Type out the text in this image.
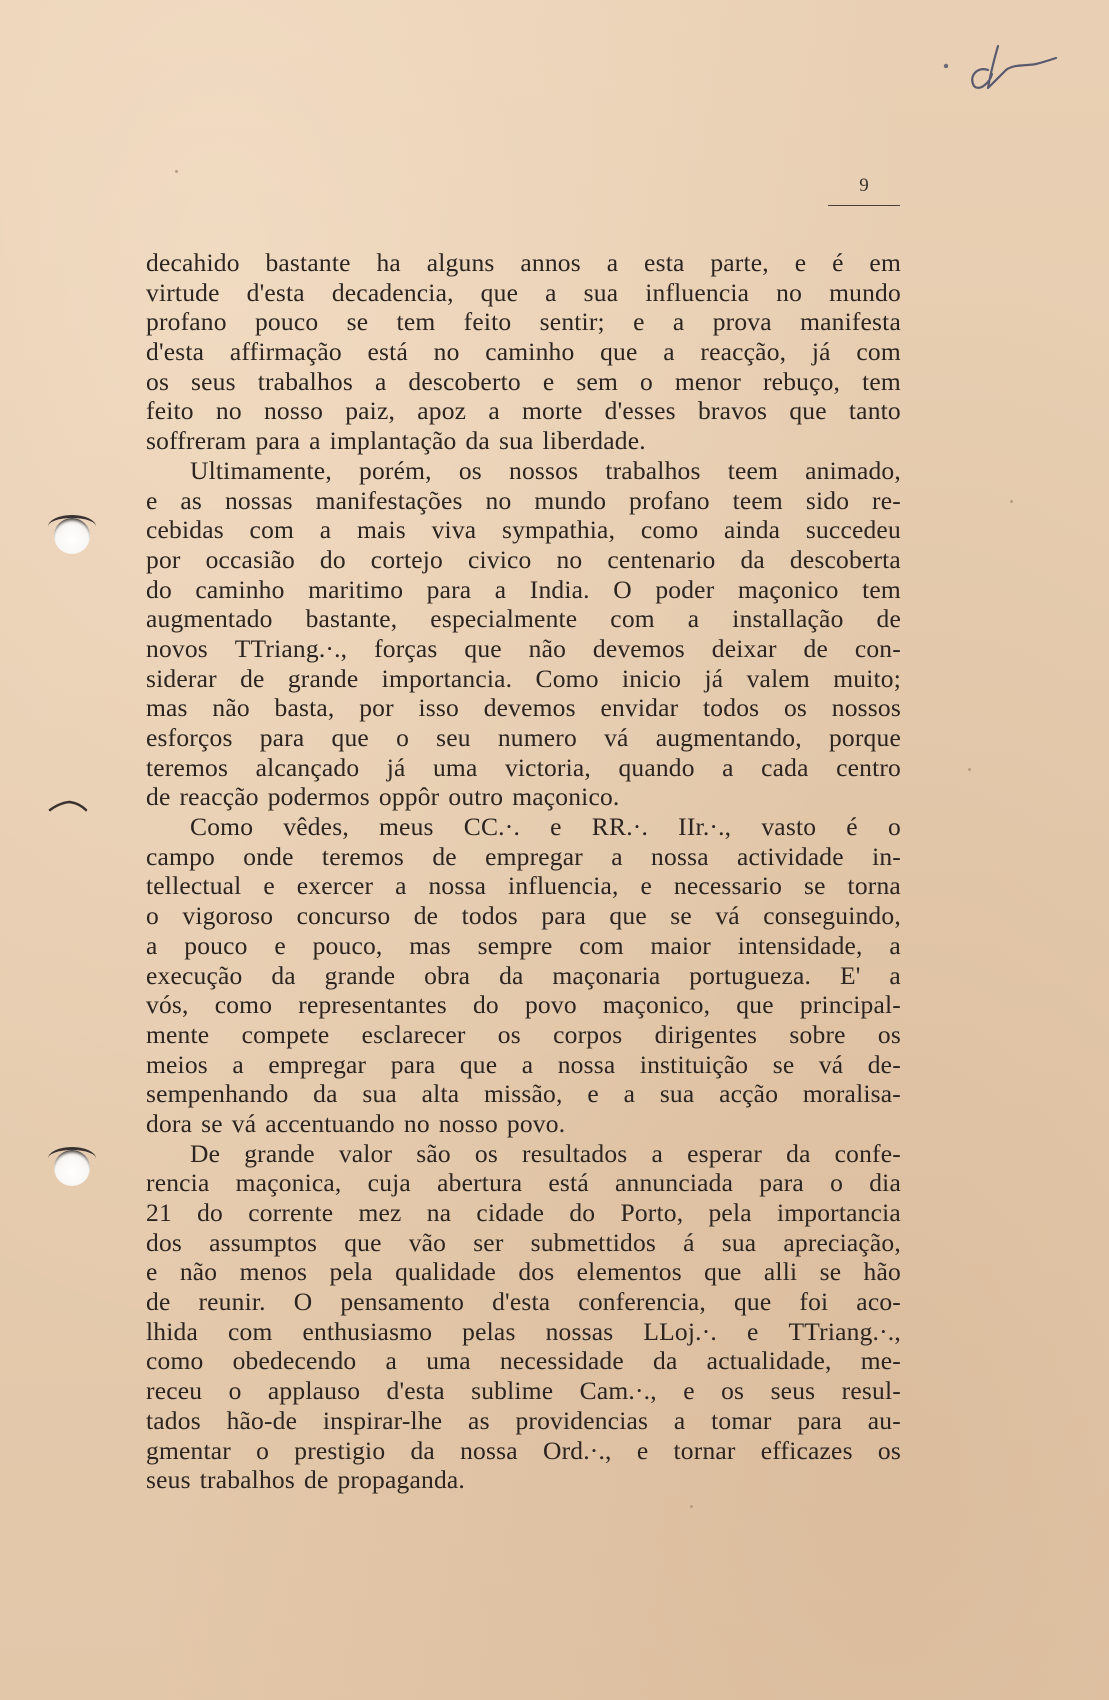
9
decahido bastante ha alguns annos a esta parte, e é em
virtude d'esta decadencia, que a sua influencia no mundo
profano pouco se tem feito sentir; e a prova manifesta
d'esta affirmação está no caminho que a reacção, já com
os seus trabalhos a descoberto e sem o menor rebuço, tem
feito no nosso paiz, apoz a morte d'esses bravos que tanto
soffreram para a implantação da sua liberdade.
Ultimamente, porém, os nossos trabalhos teem animado,
e as nossas manifestações no mundo profano teem sido re-
cebidas com a mais viva sympathia, como ainda succedeu
por occasião do cortejo civico no centenario da descoberta
do caminho maritimo para a India. O poder maçonico tem
augmentado bastante, especialmente com a installação de
novos TTriang.·., forças que não devemos deixar de con-
siderar de grande importancia. Como inicio já valem muito;
mas não basta, por isso devemos envidar todos os nossos
esforços para que o seu numero vá augmentando, porque
teremos alcançado já uma victoria, quando a cada centro
de reacção podermos oppôr outro maçonico.
Como vêdes, meus CC.·. e RR.·. IIr.·., vasto é o
campo onde teremos de empregar a nossa actividade in-
tellectual e exercer a nossa influencia, e necessario se torna
o vigoroso concurso de todos para que se vá conseguindo,
a pouco e pouco, mas sempre com maior intensidade, a
execução da grande obra da maçonaria portugueza. E' a
vós, como representantes do povo maçonico, que principal-
mente compete esclarecer os corpos dirigentes sobre os
meios a empregar para que a nossa instituição se vá de-
sempenhando da sua alta missão, e a sua acção moralisa-
dora se vá accentuando no nosso povo.
De grande valor são os resultados a esperar da confe-
rencia maçonica, cuja abertura está annunciada para o dia
21 do corrente mez na cidade do Porto, pela importancia
dos assumptos que vão ser submettidos á sua apreciação,
e não menos pela qualidade dos elementos que alli se hão
de reunir. O pensamento d'esta conferencia, que foi aco-
lhida com enthusiasmo pelas nossas LLoj.·. e TTriang.·.,
como obedecendo a uma necessidade da actualidade, me-
receu o applauso d'esta sublime Cam.·., e os seus resul-
tados hão-de inspirar-lhe as providencias a tomar para au-
gmentar o prestigio da nossa Ord.·., e tornar efficazes os
seus trabalhos de propaganda.
